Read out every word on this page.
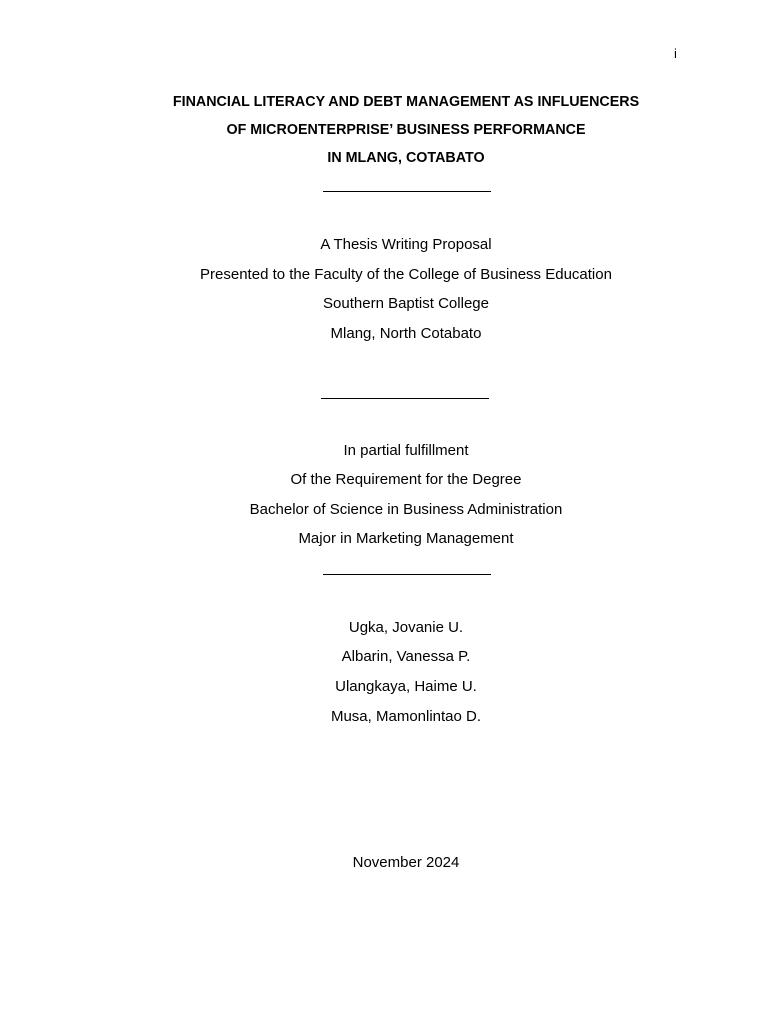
i
FINANCIAL LITERACY AND DEBT MANAGEMENT AS INFLUENCERS
OF MICROENTERPRISE’ BUSINESS PERFORMANCE
IN MLANG, COTABATO
A Thesis Writing Proposal
Presented to the Faculty of the College of Business Education
Southern Baptist College
Mlang, North Cotabato
In partial fulfillment
Of the Requirement for the Degree
Bachelor of Science in Business Administration
Major in Marketing Management
Ugka, Jovanie U.
Albarin, Vanessa P.
Ulangkaya, Haime U.
Musa, Mamonlintao D.
November 2024
